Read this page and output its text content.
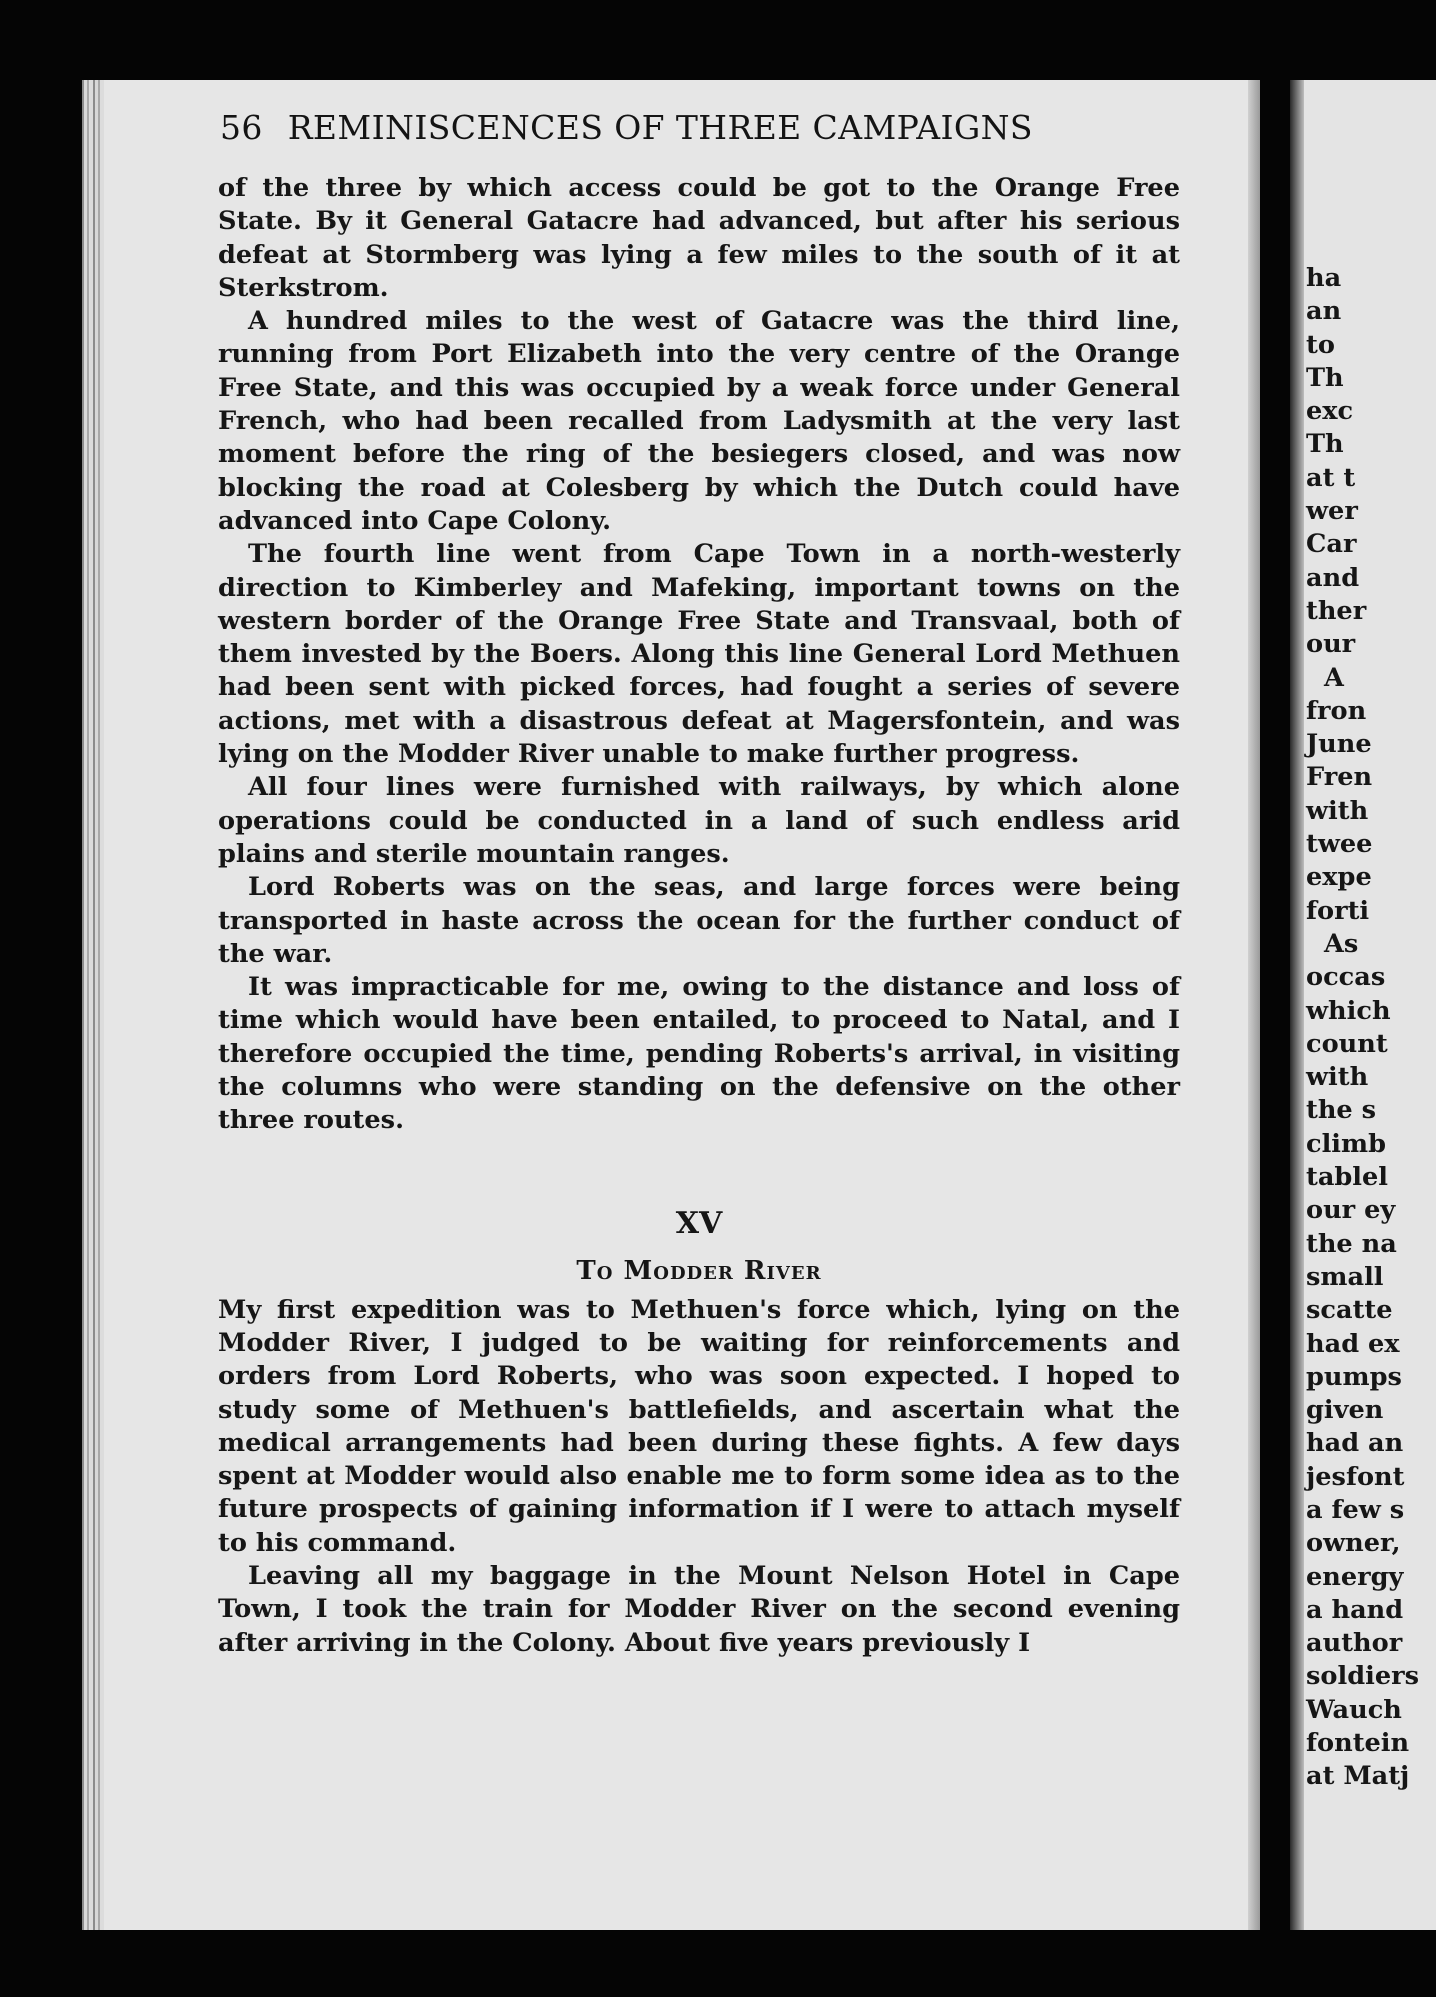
56 REMINISCENCES OF THREE CAMPAIGNS

of the three by which access could be got to the Orange Free State. By it General Gatacre had advanced, but after his serious defeat at Stormberg was lying a few miles to the south of it at Sterkstrom.

A hundred miles to the west of Gatacre was the third line, running from Port Elizabeth into the very centre of the Orange Free State, and this was occupied by a weak force under General French, who had been recalled from Ladysmith at the very last moment before the ring of the besiegers closed, and was now blocking the road at Colesberg by which the Dutch could have advanced into Cape Colony.

The fourth line went from Cape Town in a north-westerly direction to Kimberley and Mafeking, important towns on the western border of the Orange Free State and Transvaal, both of them invested by the Boers. Along this line General Lord Methuen had been sent with picked forces, had fought a series of severe actions, met with a disastrous defeat at Magersfontein, and was lying on the Modder River unable to make further progress.

All four lines were furnished with railways, by which alone operations could be conducted in a land of such endless arid plains and sterile mountain ranges.

Lord Roberts was on the seas, and large forces were being transported in haste across the ocean for the further conduct of the war.

It was impracticable for me, owing to the distance and loss of time which would have been entailed, to proceed to Natal, and I therefore occupied the time, pending Roberts's arrival, in visiting the columns who were standing on the defensive on the other three routes.

XV
To Modder River

My first expedition was to Methuen's force which, lying on the Modder River, I judged to be waiting for reinforcements and orders from Lord Roberts, who was soon expected. I hoped to study some of Methuen's battlefields, and ascertain what the medical arrangements had been during these fights. A few days spent at Modder would also enable me to form some idea as to the future prospects of gaining information if I were to attach myself to his command.

Leaving all my baggage in the Mount Nelson Hotel in Cape Town, I took the train for Modder River on the second evening after arriving in the Colony. About five years previously I

ha
an
to
Th
exc
Th
at t
wer
Car
and
ther
our
A
fron
June
Fren
with
twee
expe
forti
As
occas
which
count
with
the s
climb
tablel
our ey
the na
small
scatte
had ex
pumps
given
had an
jesfont
a few s
owner,
energy
a hand
author
soldiers
Wauch
fontein
at Matj
